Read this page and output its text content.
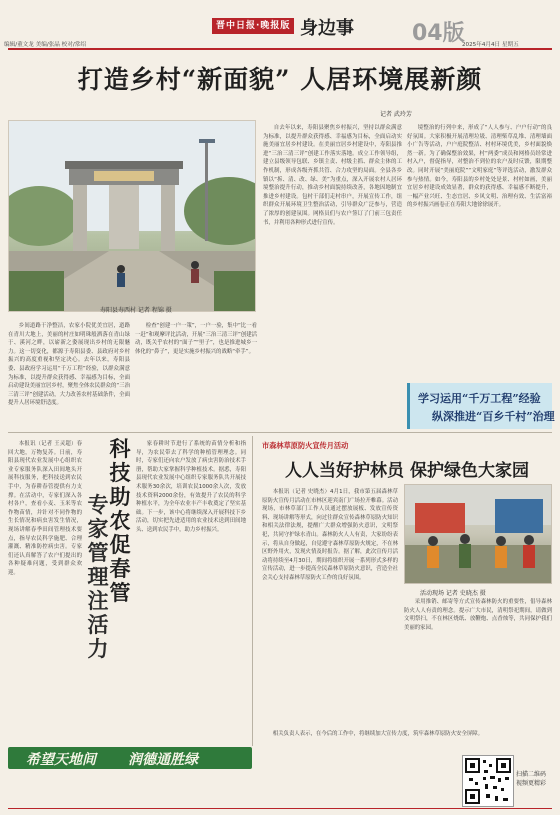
编辑/董文龙 美编/张晶 校对/常绍
晋中日报·晚报版 身边事	04版
2025年4月4日 星期五
打造乡村“新面貌” 人居环境展新颜
记者 武玲芳
寿阳县寿西村 记者 程锦 摄

乡间道路干净整洁，农家小院优美宜居，道路在青川大地上，美丽的村庄如明珠般洒落在青山绿于、溪河之畔，以崭新之姿展现出乡村的无限魅力。这一切变化，都源于寿阳县委、县政府对乡村振兴的高度重视和坚定决心。去年以来，寿阳县委、县政府学习运用“千万工程”经验，以群众满意为标准，以提升群众获得感、幸福感为目标，全面启动建设美丽宜居乡村，聚焦全体农民群众的“三治三清三评”创建活动，大力改善农村基础条件，全面提升人居环境舒适度。

检查“创建一户一策”，一户一验，集中“比一看一赶”和观摩评比活动，开展“三治三清三评”创建活动，既关乎农村的“面子”“里子”，也是推进城乡一体化的“鼻子”，更是实施乡村振兴的战略“牵手”。

自去年以来，寿阳县聚焦乡村振兴，坚持以群众满意为标准，以提升群众获得感、幸福感为目标，全面启动实施美丽宜居乡村建设。在美丽宜居乡村建设中，寿阳县推进“三治三清三评”创建工作落实落地。成立工作领导组，建立县级领导包联、乡镇主责、村级主抓、群众主体的工作机制，形成各级齐抓共管、合力攻坚的局面。全县各乡镇以“拆、清、改、绿、美”为重点，深入开展农村人居环境整治提升行动，推动乡村面貌持续改善，各地因地制宜推进乡村建设。包村干部们走村串户，开展宣传工作，组织群众开展环境卫生整治活动，引导群众广泛参与，营造了浓厚的创建氛围。网格员们与农户签订了门前三包责任书，并利用各种形式进行宣传。

境整治的行列中来，形成了“人人参与、户户行动”的良好氛围。大家积极开展清理垃圾、清理柴草乱堆、清理墙面小广告等活动，户户庭院整洁、村村环境优美，乡村面貌焕然一新。为了确保整治效果，村“两委”成员和网格员经常进村入户，督促指导，对整治不到位的农户及时反馈，限期整改。同时开展“美丽庭院”“文明家庭”等评选活动，激发群众参与热情。如今，寿阳县的乡村处处是景、村村如画，美丽宜居乡村建设成效显著，群众的获得感、幸福感不断提升，一幅产业兴旺、生态宜居、乡风文明、治理有效、生活富裕的乡村振兴画卷正在寿阳大地徐徐展开。

学习运用“千万工程”经验
纵深推进“百乡千村”治理

本报讯（记者 王灵超）春回大地，万物复苏。日前，寿阳县现代农业发展中心组织农业专家服务队深入田间地头开展科技服务，把科技送到农民手中，为春耕春管提供有力支撑。在活动中，专家们深入各村各户，查看小麦、玉米等农作物苗情，并针对不同作物的生长情况和病虫害发生情况，现场讲解春季田间管理技术要点，指导农民科学施肥、合理灌溉、精准防控病虫害。专家们还认真解答了农户们提出的各种疑难问题，受到群众欢迎。

科
技
助
农
促
春
管
专
家
管
理
注
活
力

家春耕时节进行了系统的苗情分析和指导，为农民带去了科学的种植管理理念。同时，专家们还向农户发放了病虫害防治技术手册，帮助大家掌握科学种植技术。据悉，寿阳县现代农业发展中心组织专家服务队共开展技术服务30余次，培训农民1000余人次，发放技术资料2000余份，有效提升了农民的科学种植水平，为全年农业丰产丰收奠定了坚实基础。下一步，该中心将继续深入开展科技下乡活动，切实把先进适用的农业技术送到田间地头、送到农民手中，助力乡村振兴。

市森林草原防火宣传月活动
人人当好护林员 保护绿色大家园

本报讯（记者 史晓杰）4月1日，我市第五届森林草原防火宣传月活动在市林区迎宾南门广场拉开帷幕。活动现场，市林草部门工作人员通过摆放展板、发放宣传资料、现场讲解等形式，向过往群众宣传森林草原防火知识和相关法律法规，提醒广大群众增强防火意识，文明祭祀，共同守护绿水青山。森林防火人人有责，大家纷纷表示，将从自身做起，自觉遵守森林草原防火规定，不在林区野外用火，发现火情及时报告。据了解，此次宣传月活动将持续至4月30日，期间将组织开展一系列形式多样的宣传活动，进一步提高全民森林草原防火意识，营造全社会关心支持森林草原防火工作的良好氛围。

活动现场 记者 史晓杰 摄

采用推销、邮寄等方式宣传森林防火的重要性，倡导森林防火人人有责的理念。提示广大市民，清明祭祀期间，请做到文明祭扫，不在林区烧纸、放鞭炮、点香烛等，共同保护我们美丽的家园。

相关负责人表示，在今后的工作中，将继续加大宣传力度，筑牢森林草原防火安全屏障。

希望天地间 润德通胜绿
扫描二维码 视频更精彩
